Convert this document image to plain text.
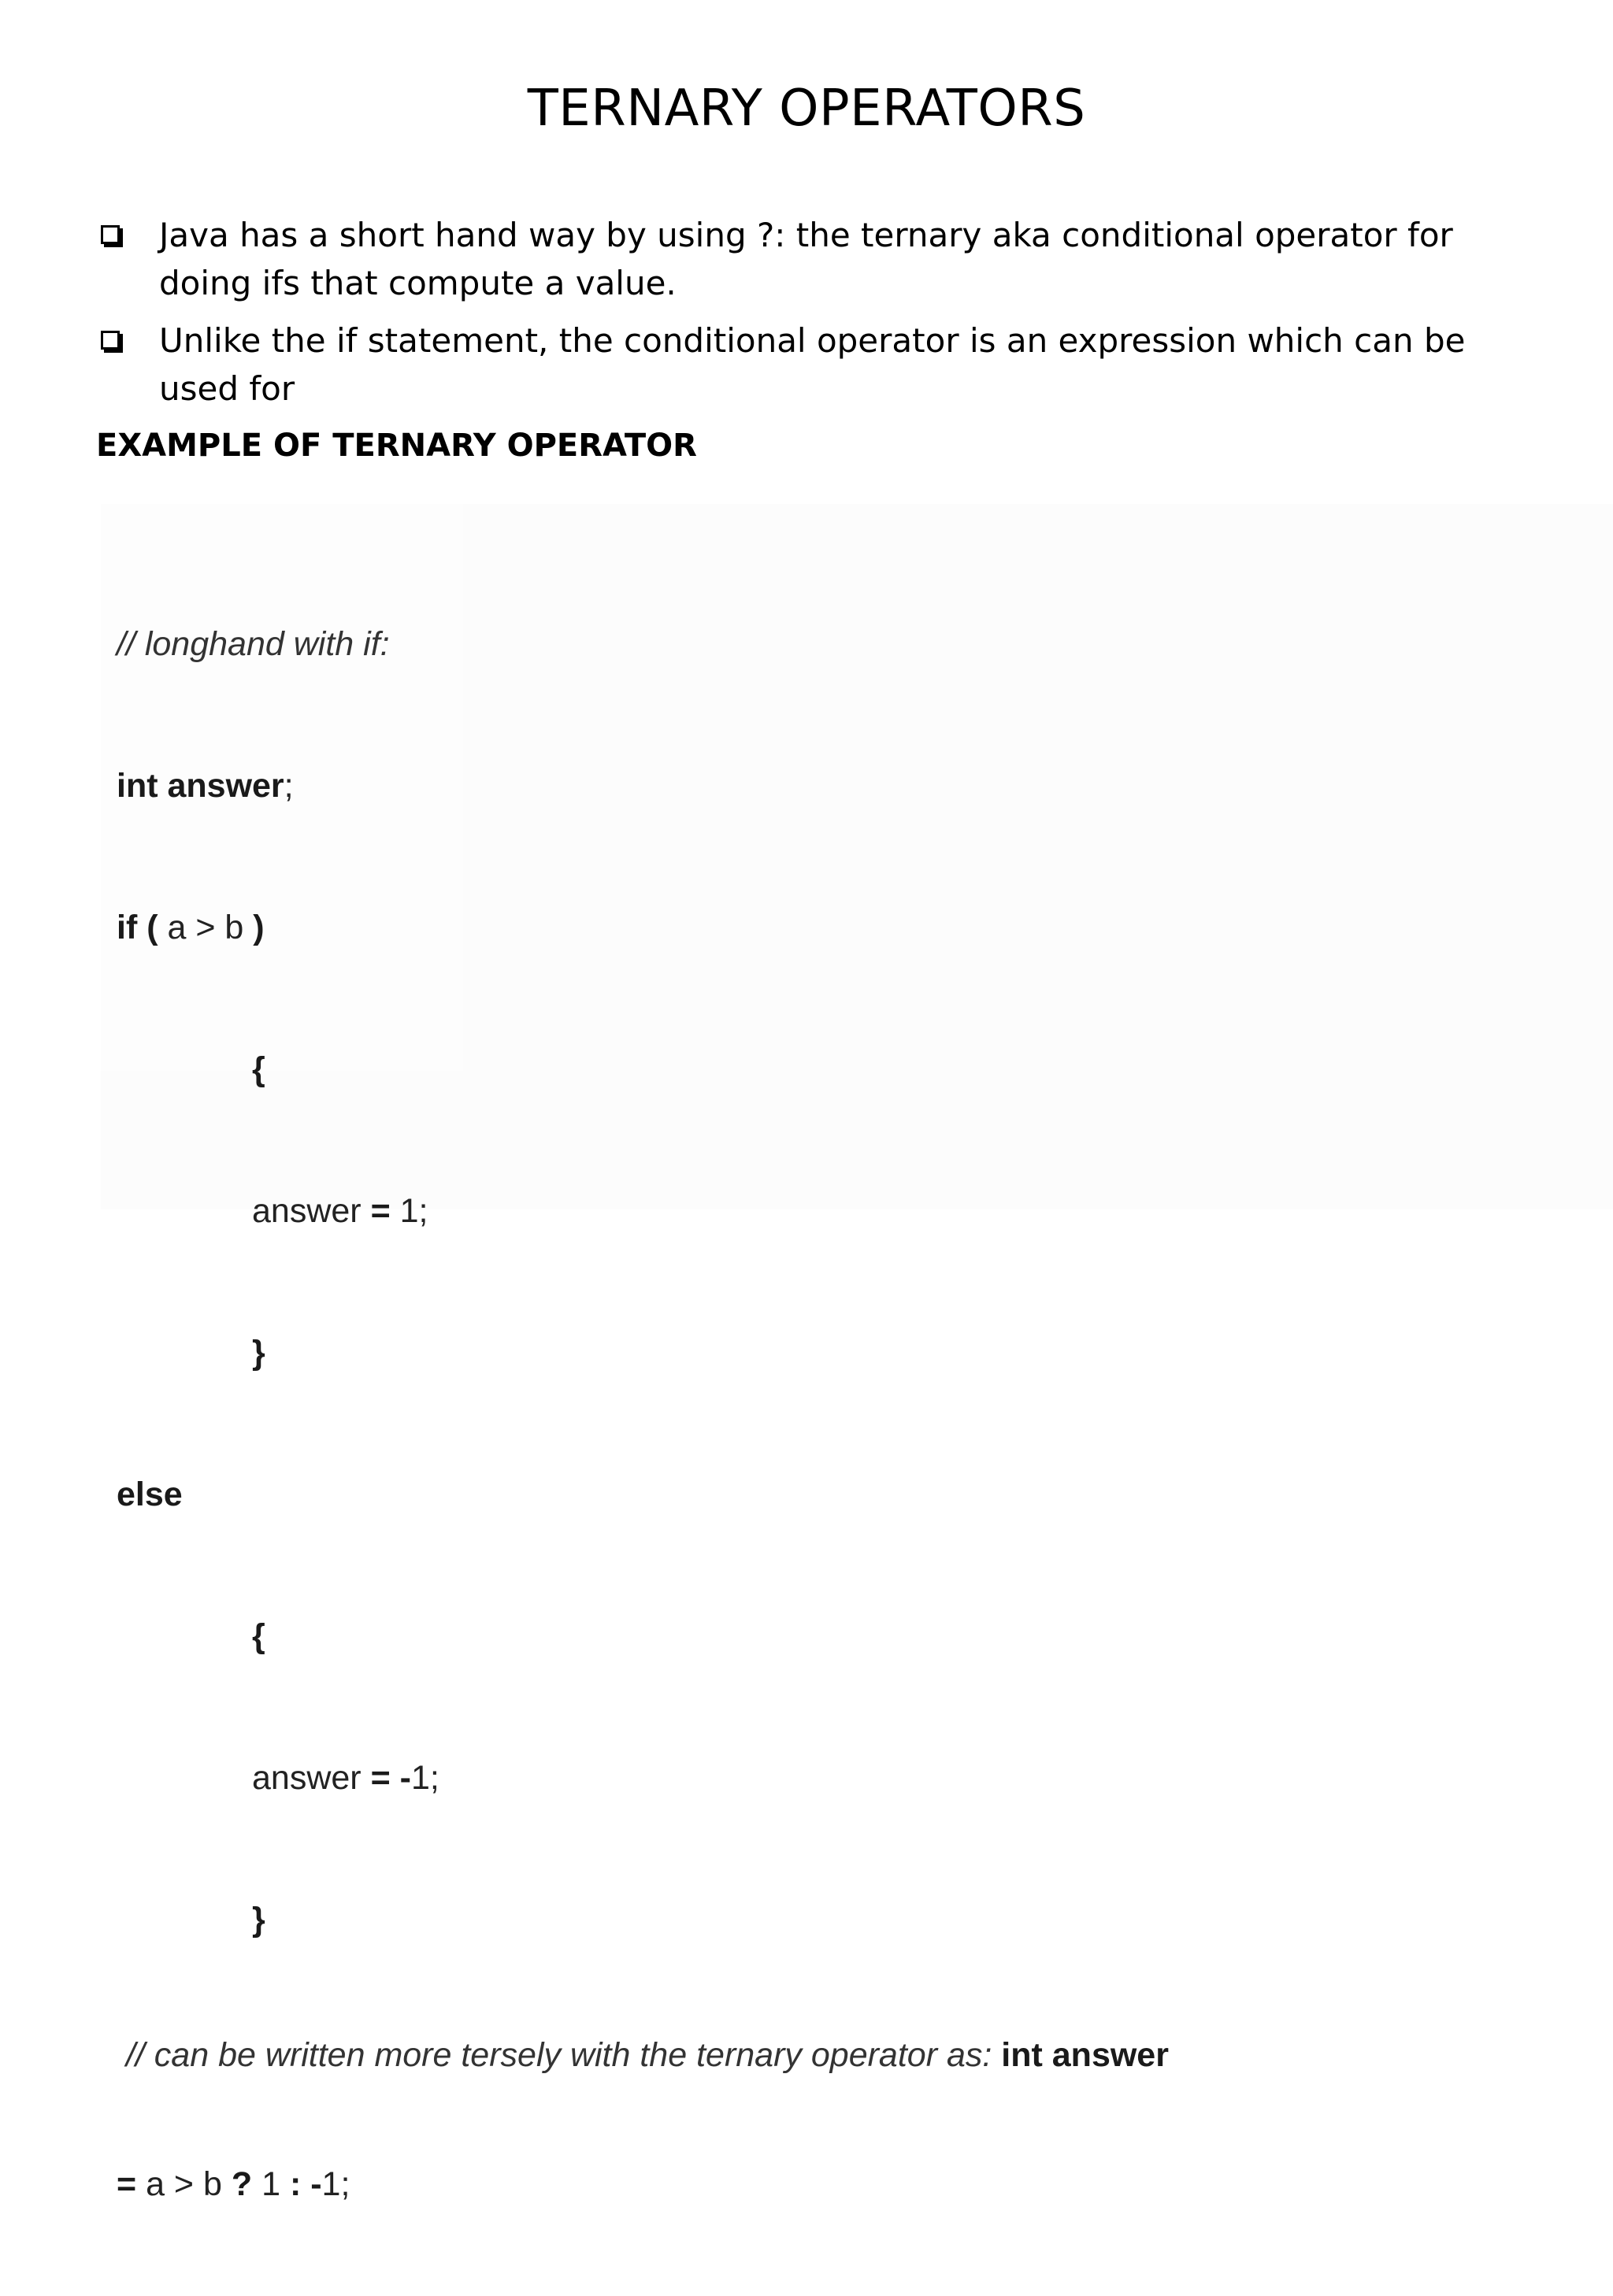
TERNARY OPERATORS
Java has a short hand way by using ?: the ternary aka conditional operator for doing ifs that compute a value.
Unlike the if statement, the conditional operator is an expression which can be used for
EXAMPLE OF TERNARY OPERATOR

// longhand with if:

int answer;

if ( a > b )

{

answer = 1;

}

else

{

answer = -1;

}

// can be written more tersely with the ternary operator as: int answer

= a > b ? 1 : -1;
